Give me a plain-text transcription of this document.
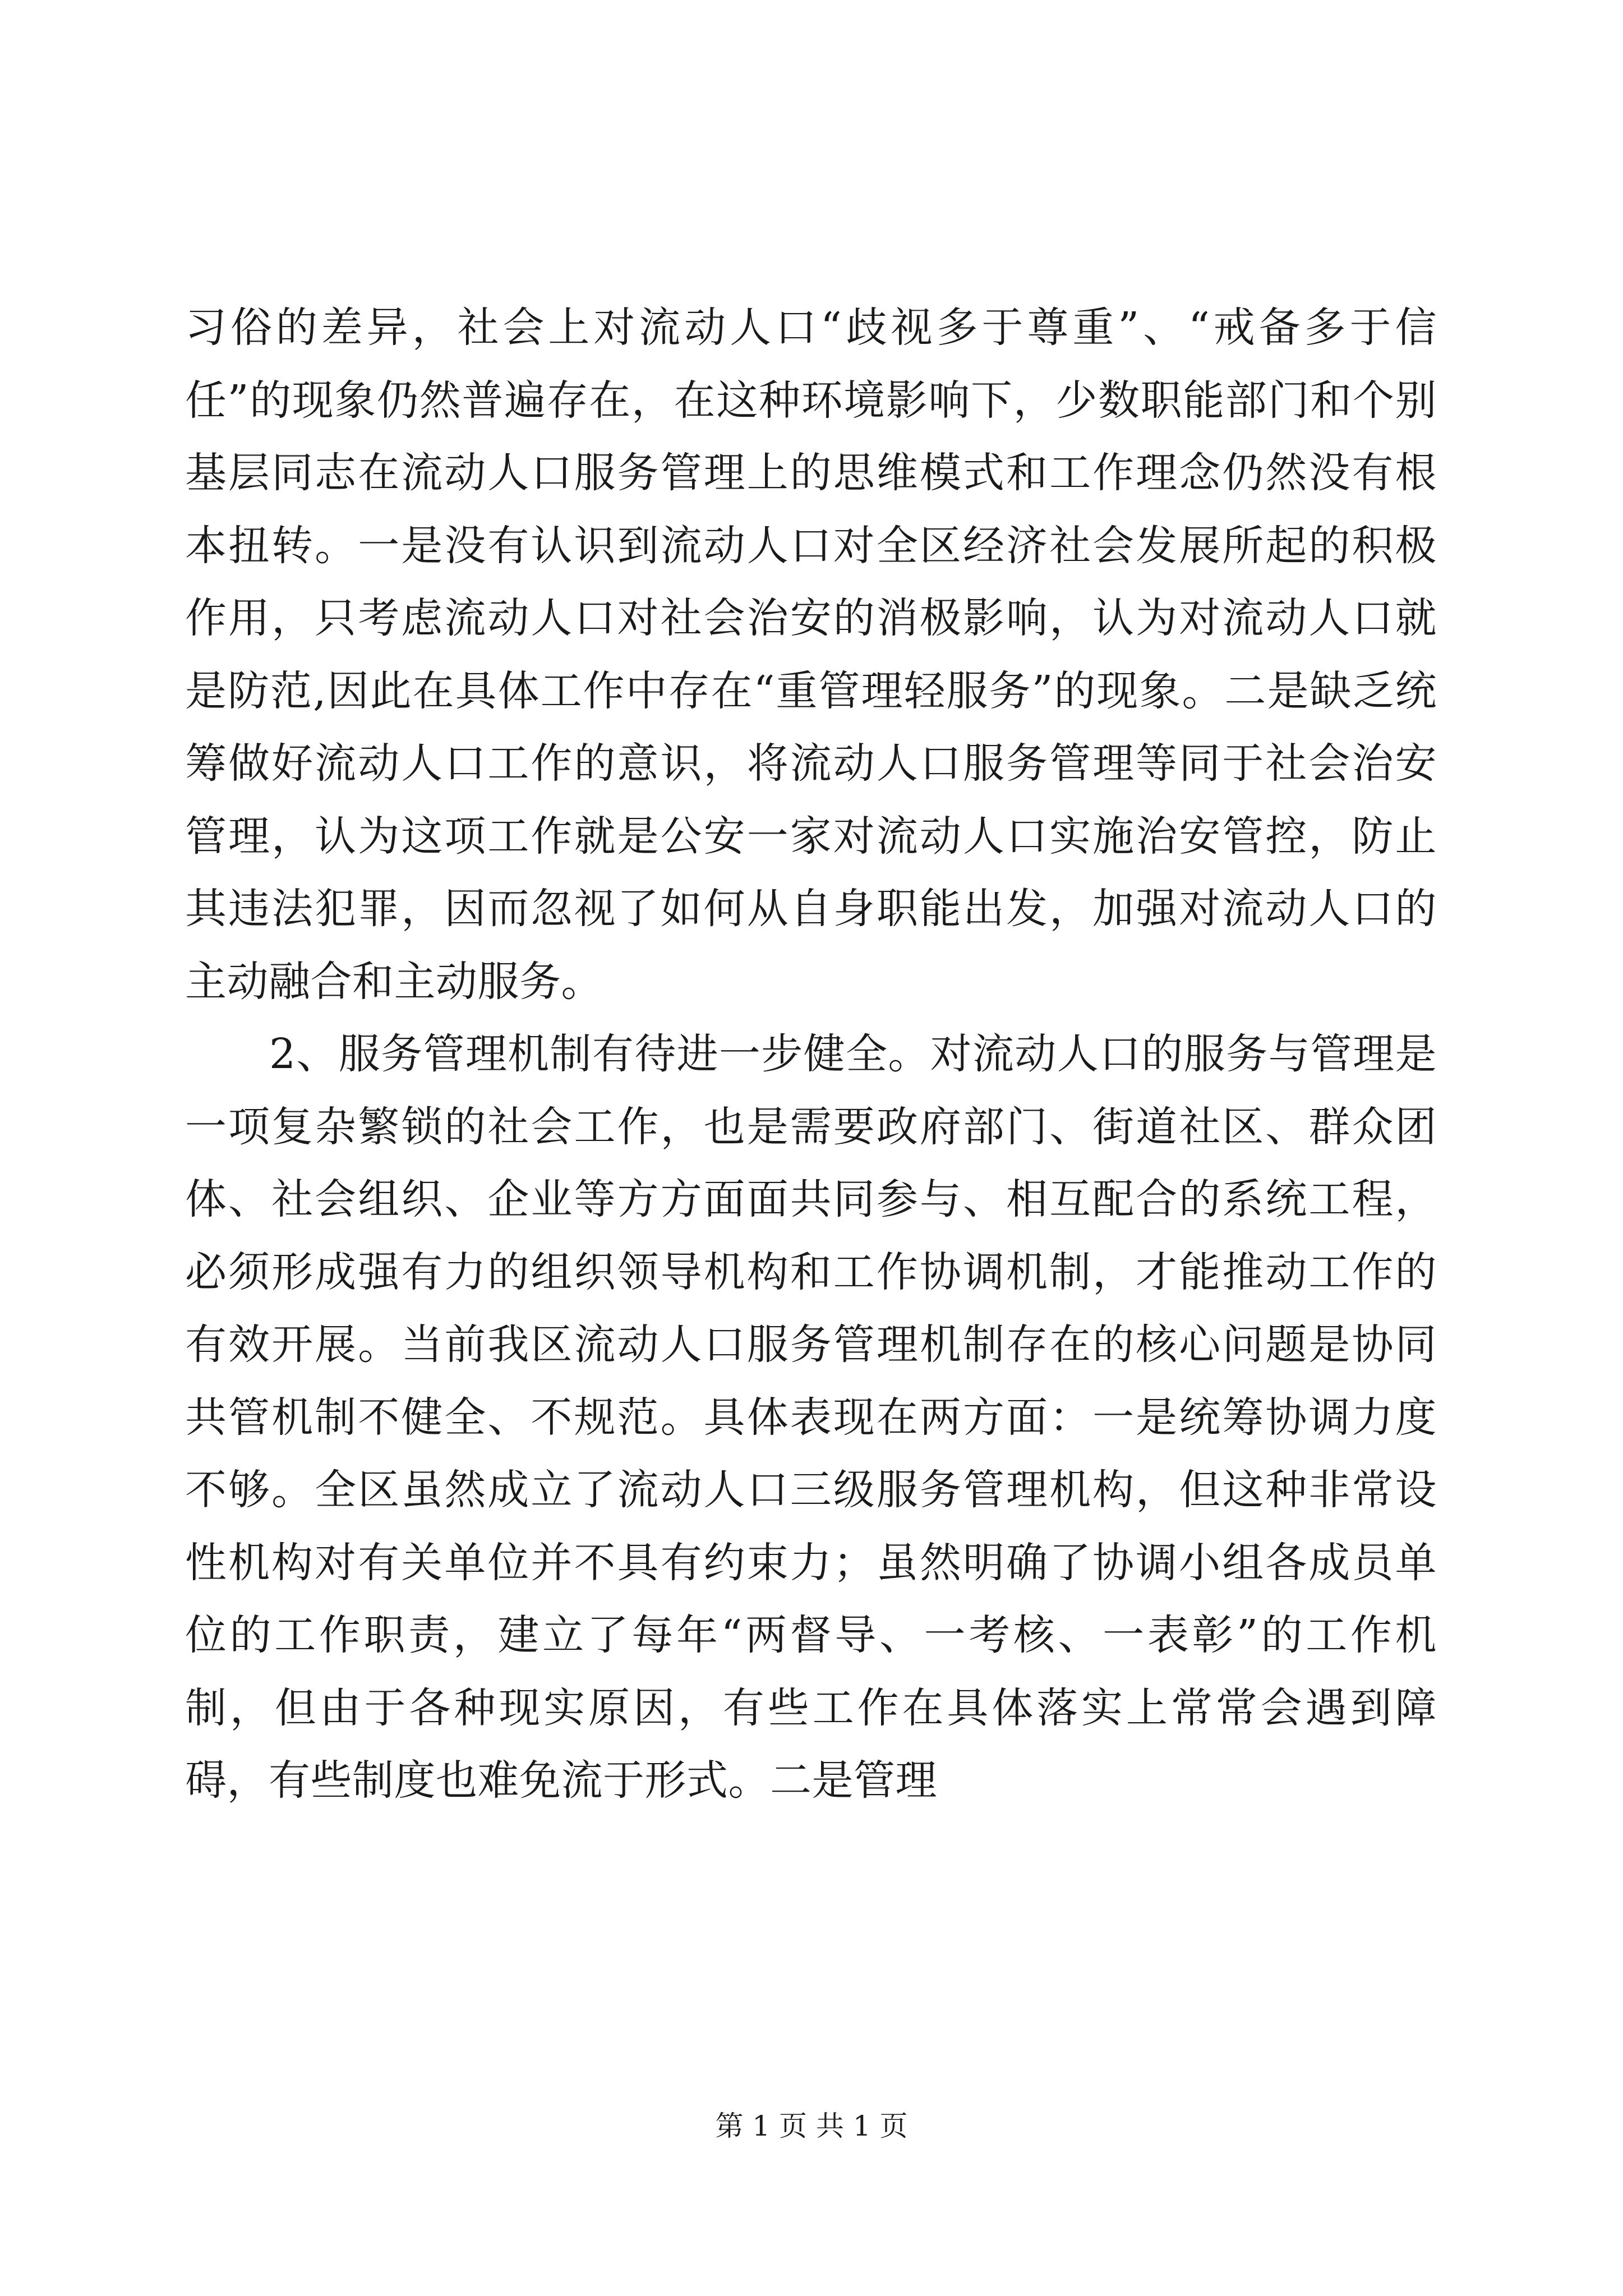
习俗的差异，社会上对流动人口“歧视多于尊重”、“戒备多于信任”的现象仍然普遍存在，在这种环境影响下，少数职能部门和个别基层同志在流动人口服务管理上的思维模式和工作理念仍然没有根本扭转。一是没有认识到流动人口对全区经济社会发展所起的积极作用，只考虑流动人口对社会治安的消极影响，认为对流动人口就是防范,因此在具体工作中存在“重管理轻服务”的现象。二是缺乏统筹做好流动人口工作的意识，将流动人口服务管理等同于社会治安管理，认为这项工作就是公安一家对流动人口实施治安管控，防止其违法犯罪，因而忽视了如何从自身职能出发，加强对流动人口的主动融合和主动服务。

2、服务管理机制有待进一步健全。对流动人口的服务与管理是一项复杂繁锁的社会工作，也是需要政府部门、街道社区、群众团体、社会组织、企业等方方面面共同参与、相互配合的系统工程，必须形成强有力的组织领导机构和工作协调机制，才能推动工作的有效开展。当前我区流动人口服务管理机制存在的核心问题是协同共管机制不健全、不规范。具体表现在两方面：一是统筹协调力度不够。全区虽然成立了流动人口三级服务管理机构，但这种非常设性机构对有关单位并不具有约束力；虽然明确了协调小组各成员单位的工作职责，建立了每年“两督导、一考核、一表彰”的工作机制，但由于各种现实原因，有些工作在具体落实上常常会遇到障碍，有些制度也难免流于形式。二是管理

第 1 页 共 1 页
